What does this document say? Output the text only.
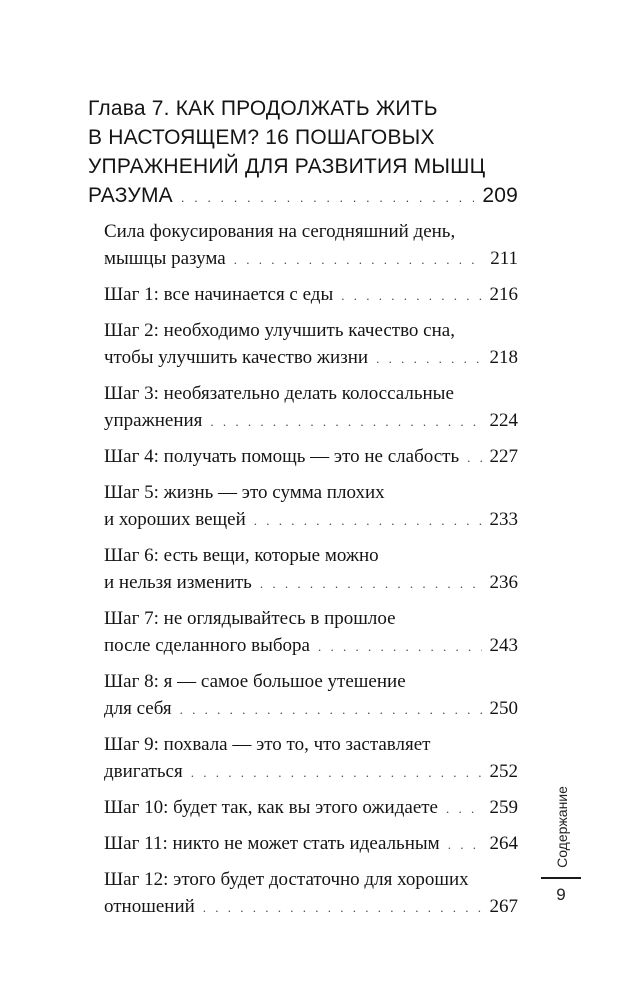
Глава 7. КАК ПРОДОЛЖАТЬ ЖИТЬ
В НАСТОЯЩЕМ? 16 ПОШАГОВЫХ
УПРАЖНЕНИЙ ДЛЯ РАЗВИТИЯ МЫШЦ
РАЗУМА . . .	209
Сила фокусирования на сегодняшний день,
мышцы разума . . .	211
Шаг 1: все начинается с еды . . .	216
Шаг 2: необходимо улучшить качество сна,
чтобы улучшить качество жизни . . .	218
Шаг 3: необязательно делать колоссальные
упражнения . . .	224
Шаг 4: получать помощь — это не слабость . . . 227
Шаг 5: жизнь — это сумма плохих
и хороших вещей . . .	233
Шаг 6: есть вещи, которые можно
и нельзя изменить . . .	236
Шаг 7: не оглядывайтесь в прошлое
после сделанного выбора . . .	243
Шаг 8: я — самое большое утешение
для себя . . .	250
Шаг 9: похвала — это то, что заставляет
двигаться . . .	252
Шаг 10: будет так, как вы этого ожидаете . . .	259
Шаг 11: никто не может стать идеальным . . .	264
Шаг 12: этого будет достаточно для хороших
отношений . . .	267
Содержание
9
